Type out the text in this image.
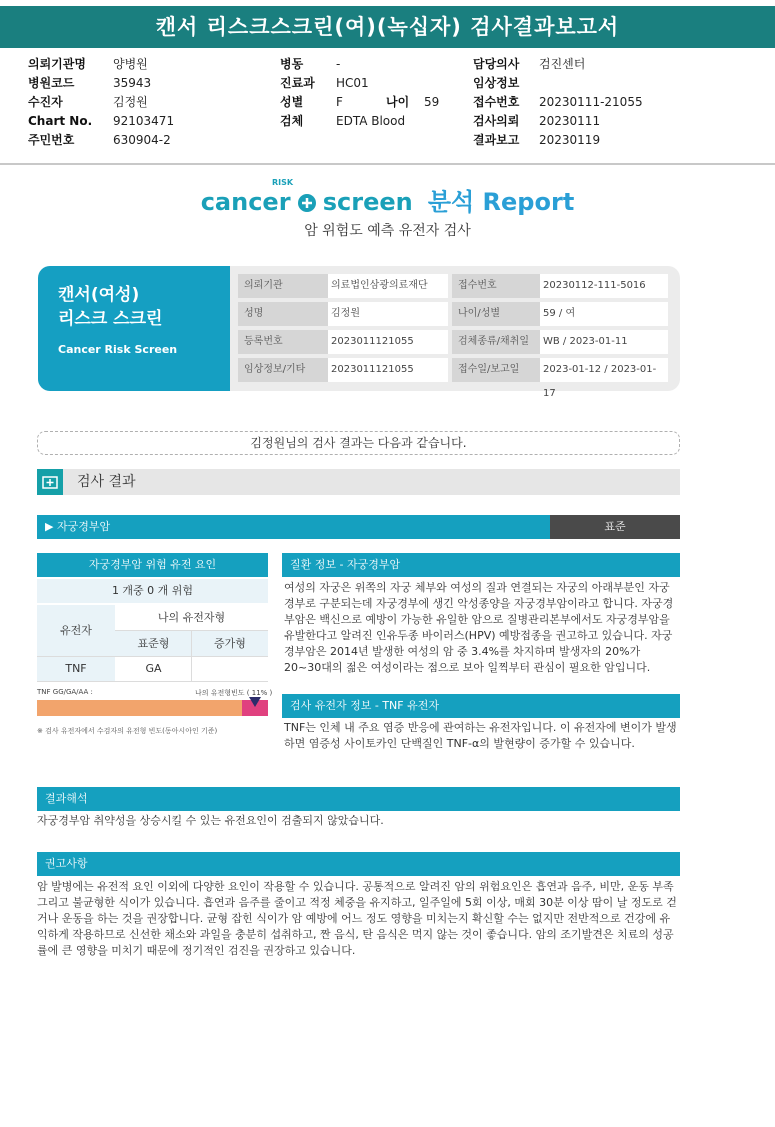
캔서 리스크스크린(여)(녹십자) 검사결과보고서
의뢰기관명 양병원
병원코드	35943
수진자	김정원
Chart No. 92103471
주민번호	630904-2
병동	-
진료과 HC01
성별	F	나이 59
검체	EDTA Blood
담당의사 검진센터
임상정보
접수번호 20230111-21055
검사의뢰 20230111
결과보고 20230119
cancer screen 분석 Report
RISK
암 위험도 예측 유전자 검사
캔서(여성)
리스크 스크린
Cancer Risk Screen
의뢰기관	의료법인삼광의료재단	접수번호	20230112-111-5016
성명	김정원	나이/성별	59 / 여
등록번호	2023011121055	검체종류/채취일	WB / 2023-01-11
임상정보/기타	2023011121055	접수일/보고일	2023-01-12 / 2023-01-17
김정원님의 검사 결과는 다음과 같습니다.
검사 결과
▶ 자궁경부암	표준
자궁경부암 위험 유전 요인
1 개중 0 개 위험
유전자
나의 유전자형
표준형	증가형
TNF	GA
TNF GG/GA/AA :	나의 유전형빈도 ( 11% )
※ 검사 유전자에서 수검자의 유전형 빈도(동아시아인 기준)
질환 정보 - 자궁경부암
여성의 자궁은 위쪽의 자궁 체부와 여성의 질과 연결되는 자궁의 아래부분인 자궁경부로 구분되는데 자궁경부에 생긴 악성종양을 자궁경부암이라고 합니다. 자궁경부암은 백신으로 예방이 가능한 유일한 암으로 질병관리본부에서도 자궁경부암을 유발한다고 알려진 인유두종 바이러스(HPV) 예방접종을 권고하고 있습니다. 자궁경부암은 2014년 발생한 여성의 암 중 3.4%를 차지하며 발생자의 20%가 20~30대의 젊은 여성이라는 점으로 보아 일찍부터 관심이 필요한 암입니다.
검사 유전자 정보 - TNF 유전자
TNF는 인체 내 주요 염증 반응에 관여하는 유전자입니다. 이 유전자에 변이가 발생하면 염증성 사이토카인 단백질인 TNF-α의 발현량이 증가할 수 있습니다.
결과해석
자궁경부암 취약성을 상승시킬 수 있는 유전요인이 검출되지 않았습니다.
권고사항
암 발병에는 유전적 요인 이외에 다양한 요인이 작용할 수 있습니다. 공통적으로 알려진 암의 위험요인은 흡연과 음주, 비만, 운동 부족 그리고 불균형한 식이가 있습니다. 흡연과 음주를 줄이고 적정 체중을 유지하고, 일주일에 5회 이상, 매회 30분 이상 땀이 날 정도로 걷거나 운동을 하는 것을 권장합니다. 균형 잡힌 식이가 암 예방에 어느 정도 영향을 미치는지 확신할 수는 없지만 전반적으로 건강에 유익하게 작용하므로 신선한 채소와 과일을 충분히 섭취하고, 짠 음식, 탄 음식은 먹지 않는 것이 좋습니다. 암의 조기발견은 치료의 성공률에 큰 영향을 미치기 때문에 정기적인 검진을 권장하고 있습니다.
